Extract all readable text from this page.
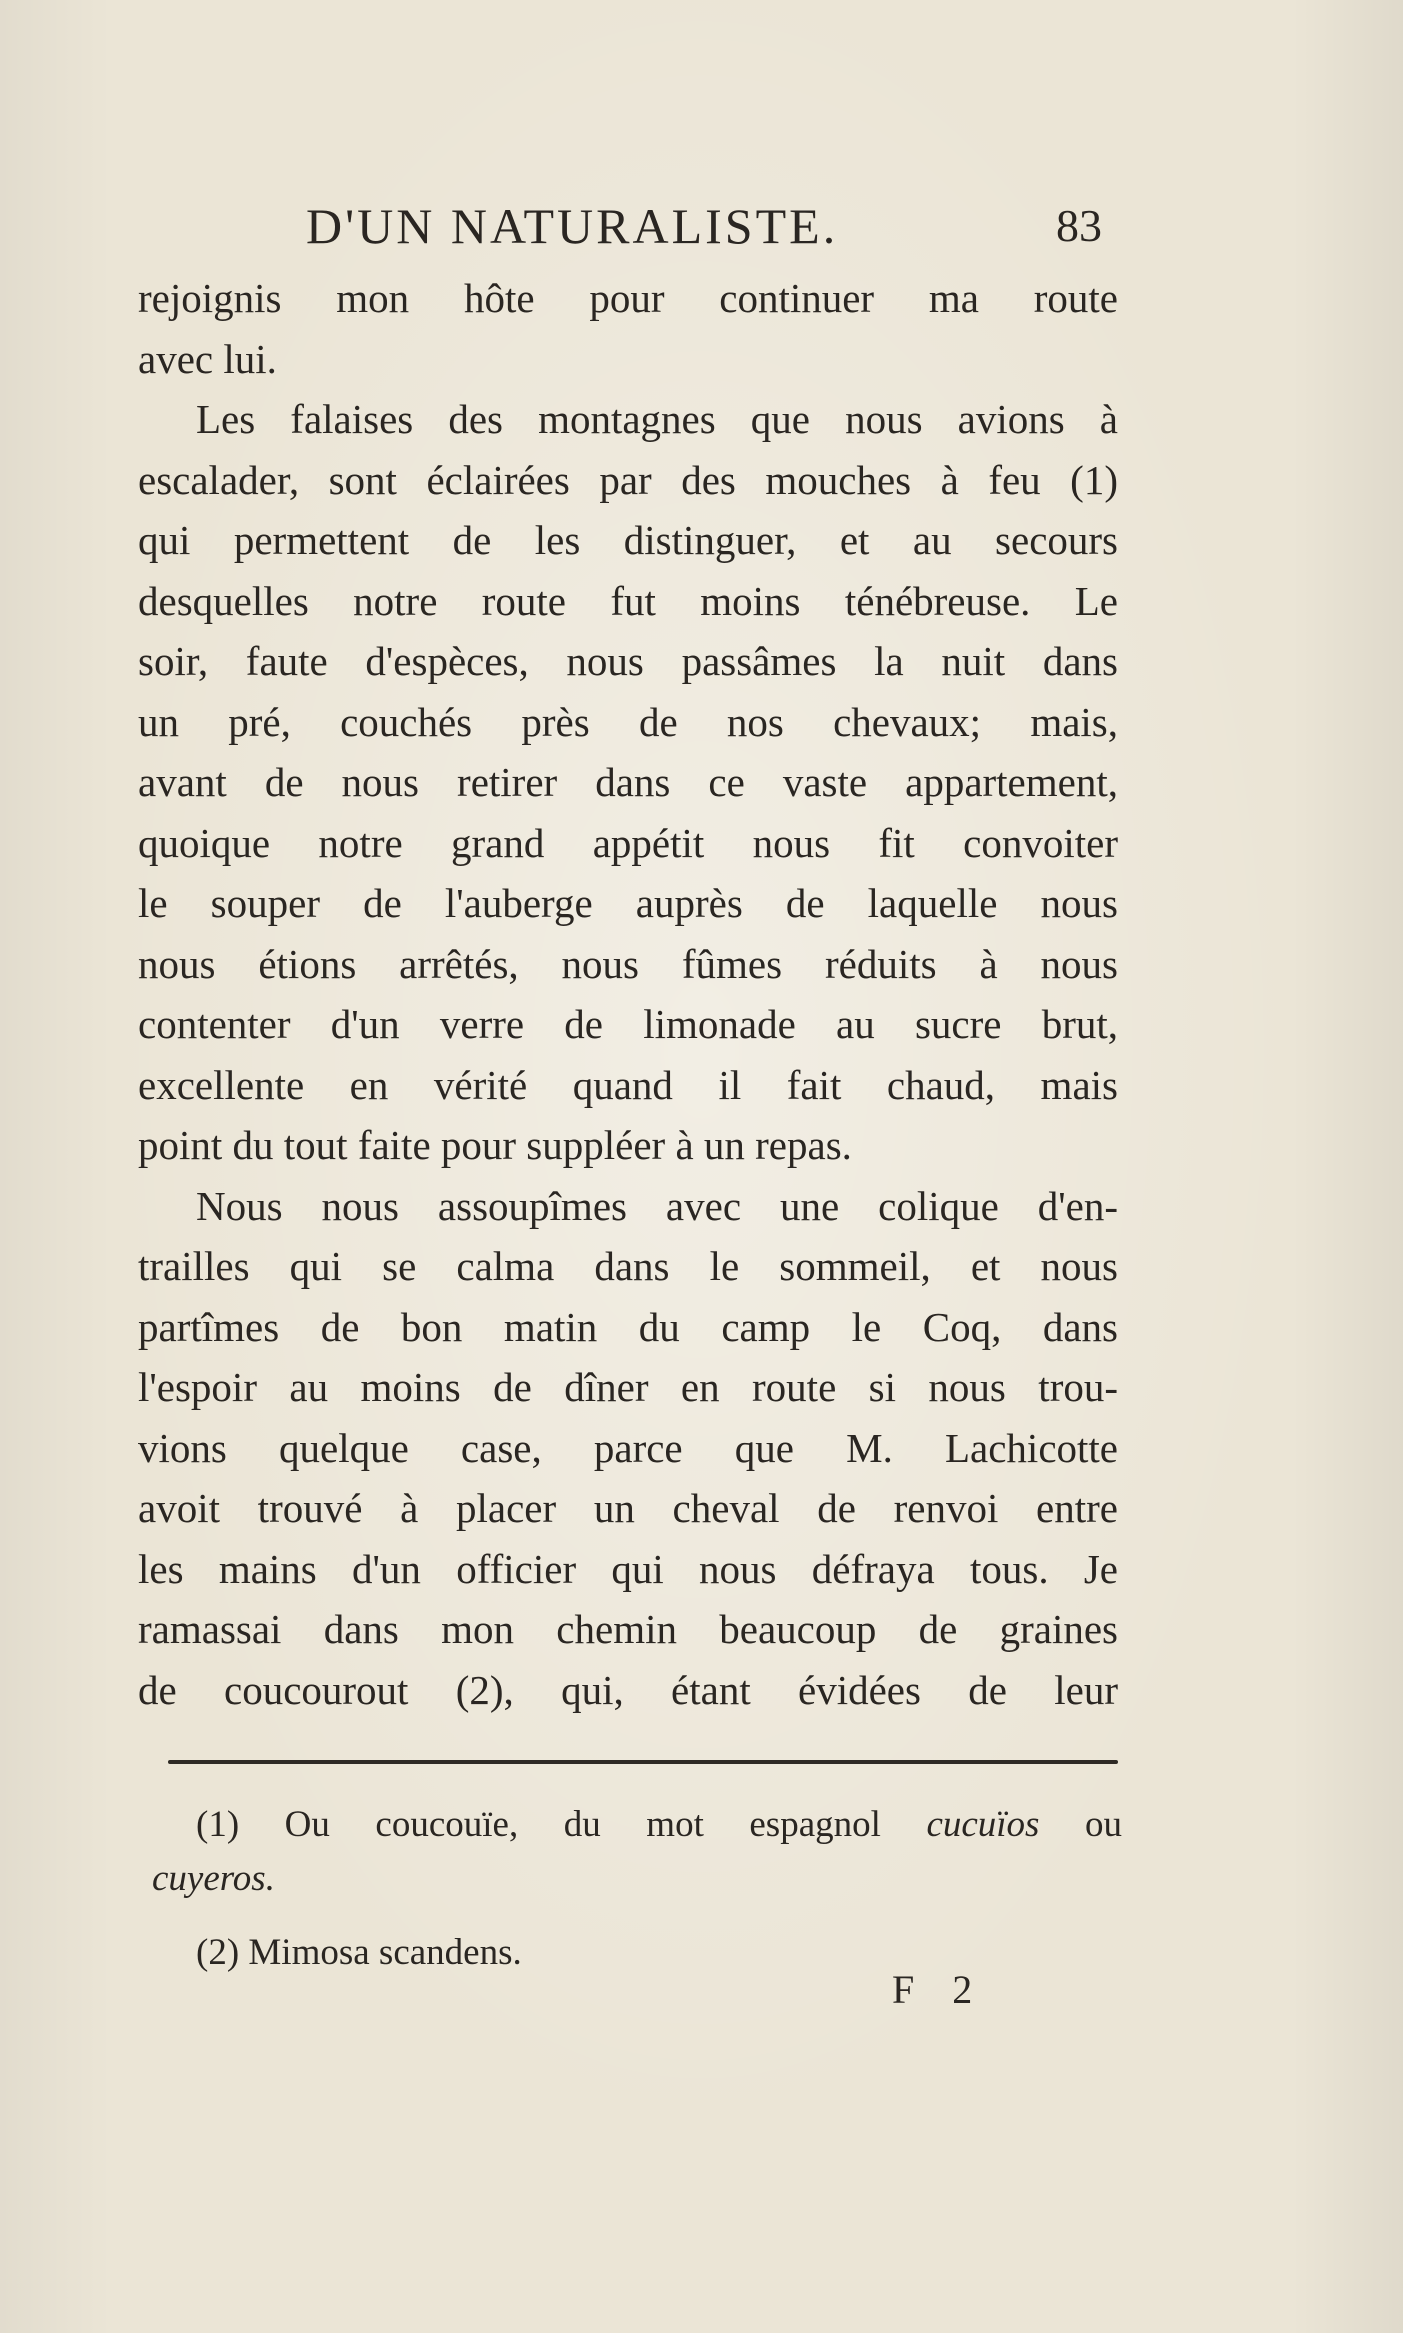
D'UN NATURALISTE.	83
rejoignis mon hôte pour continuer ma route
avec lui.
Les falaises des montagnes que nous avions à
escalader, sont éclairées par des mouches à feu (1)
qui permettent de les distinguer, et au secours
desquelles notre route fut moins ténébreuse. Le
soir, faute d'espèces, nous passâmes la nuit dans
un pré, couchés près de nos chevaux; mais,
avant de nous retirer dans ce vaste appartement,
quoique notre grand appétit nous fit convoiter
le souper de l'auberge auprès de laquelle nous
nous étions arrêtés, nous fûmes réduits à nous
contenter d'un verre de limonade au sucre brut,
excellente en vérité quand il fait chaud, mais
point du tout faite pour suppléer à un repas.
Nous nous assoupîmes avec une colique d'en-
trailles qui se calma dans le sommeil, et nous
partîmes de bon matin du camp le Coq, dans
l'espoir au moins de dîner en route si nous trou-
vions quelque case, parce que M. Lachicotte
avoit trouvé à placer un cheval de renvoi entre
les mains d'un officier qui nous défraya tous. Je
ramassai dans mon chemin beaucoup de graines
de coucourout (2), qui, étant évidées de leur
(1) Ou coucouïe, du mot espagnol cucuïos ou
cuyeros.
(2) Mimosa scandens.
F 2
